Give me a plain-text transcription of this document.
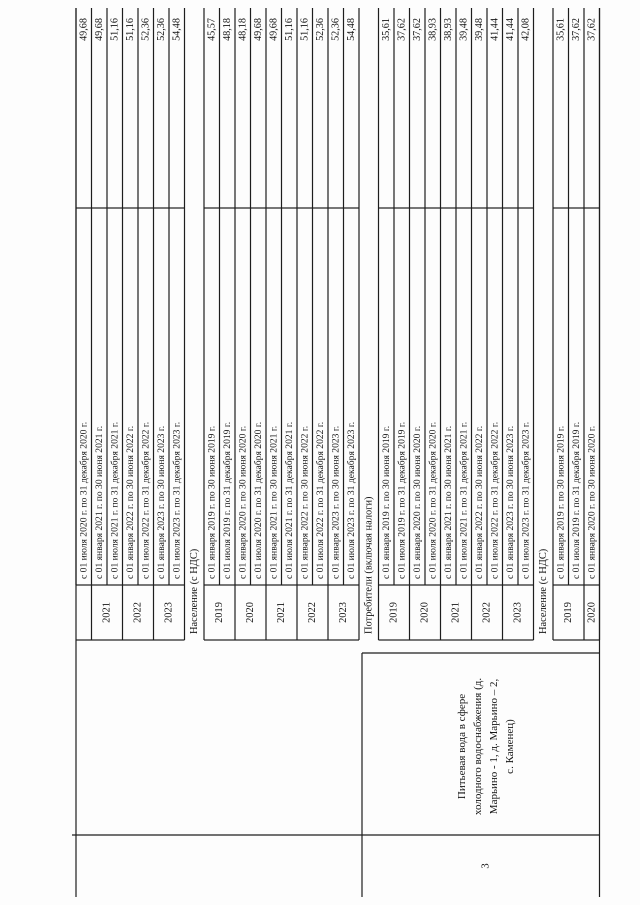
49,68
с 01 июля 2020 г. по 31 декабря 2020 г.
49,68
с 01 января 2021 г. по 30 июня 2021 г.
2021
51,16
с 01 июля 2021 г. по 31 декабря 2021 г.
51,16
с 01 января 2022 г. по 30 июня 2022 г.
2022
52,36
с 01 июля 2022 г. по 31 декабря 2022 г.
52,36
с 01 января 2023 г. по 30 июня 2023 г.
2023
54,48
с 01 июля 2023 г. по 31 декабря 2023 г.
Население (с НДС)
45,57
с 01 января 2019 г. по 30 июня 2019 г.
2019
48,18
с 01 июля 2019 г. по 31 декабря 2019 г.
48,18
с 01 января 2020 г. по 30 июня 2020 г.
2020
49,68
с 01 июля 2020 г. по 31 декабря 2020 г.
49,68
с 01 января 2021 г. по 30 июня 2021 г.
2021
51,16
с 01 июля 2021 г. по 31 декабря 2021 г.
51,16
с 01 января 2022 г. по 30 июня 2022 г.
2022
52,36
с 01 июля 2022 г. по 31 декабря 2022 г.
52,36
с 01 января 2023 г. по 30 июня 2023 г.
2023
54,48
с 01 июля 2023 г. по 31 декабря 2023 г. Потребители (включая налоги)
35,61
с 01 января 2019 г. по 30 июня 2019 г.
2019
37,62
с 01 июля 2019 г. по 31 декабря 2019 г.
37,62
с 01 января 2020 г. по 30 июня 2020 г.
2020
38,93
с 01 июля 2020 г. по 31 декабря 2020 г.
38,93
с 01 января 2021 г. по 30 июня 2021 г.
2021
39,48
с 01 июля 2021 г. по 31 декабря 2021 г.
39,48
с 01 января 2022 г. по 30 июня 2022 г.
2022
41,44
с 01 июля 2022 г. по 31 декабря 2022 г.
41,44
с 01 января 2023 г. по 30 июня 2023 г.
2023
42,08
с 01 июля 2023 г. по 31 декабря 2023 г.
Население (с НДС)
35,61
с 01 января 2019 г. по 30 июня 2019 г.
2019
37,62
с 01 июля 2019 г. по 31 декабря 2019 г.
37,62
с 01 января 2020 г. по 30 июня 2020 г.
2020
Питьевая вода в сфере холодного водоснабжения (д. Марьино - 1, д. Марьино – 2, с. Каменец)
3
